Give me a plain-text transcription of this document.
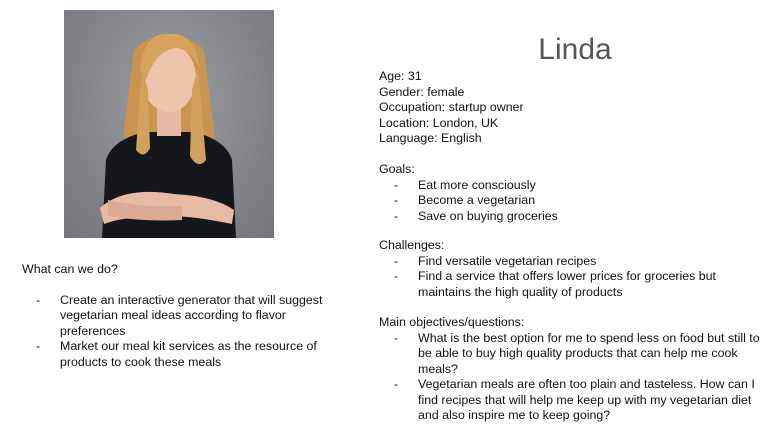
Linda
Age: 31
Gender: female
Occupation: startup owner
Location: London, UK
Language: English
Goals:
- Eat more consciously
- Become a vegetarian
- Save on buying groceries
Challenges:
- Find versatile vegetarian recipes
- Find a service that offers lower prices for groceries but maintains the high quality of products
Main objectives/questions:
- What is the best option for me to spend less on food but still to be able to buy high quality products that can help me cook meals?
- Vegetarian meals are often too plain and tasteless. How can I find recipes that will help me keep up with my vegetarian diet and also inspire me to keep going?
What can we do?
- Create an interactive generator that will suggest vegetarian meal ideas according to flavor preferences
- Market our meal kit services as the resource of products to cook these meals
